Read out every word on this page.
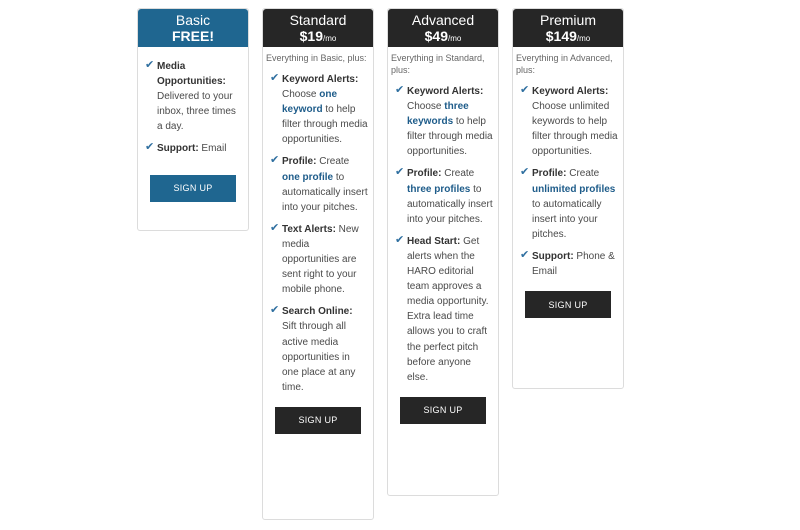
Basic
FREE!
✔ Media Opportunities: Delivered to your inbox, three times a day.
✔ Support: Email
SIGN UP
Standard
$19/mo
Everything in Basic, plus:
✔ Keyword Alerts: Choose one keyword to help filter through media opportunities.
✔ Profile: Create one profile to automatically insert into your pitches.
✔ Text Alerts: New media opportunities are sent right to your mobile phone.
✔ Search Online: Sift through all active media opportunities in one place at any time.
SIGN UP
Advanced
$49/mo
Everything in Standard, plus:
✔ Keyword Alerts: Choose three keywords to help filter through media opportunities.
✔ Profile: Create three profiles to automatically insert into your pitches.
✔ Head Start: Get alerts when the HARO editorial team approves a media opportunity. Extra lead time allows you to craft the perfect pitch before anyone else.
SIGN UP
Premium
$149/mo
Everything in Advanced, plus:
✔ Keyword Alerts: Choose unlimited keywords to help filter through media opportunities.
✔ Profile: Create unlimited profiles to automatically insert into your pitches.
✔ Support: Phone & Email
SIGN UP
